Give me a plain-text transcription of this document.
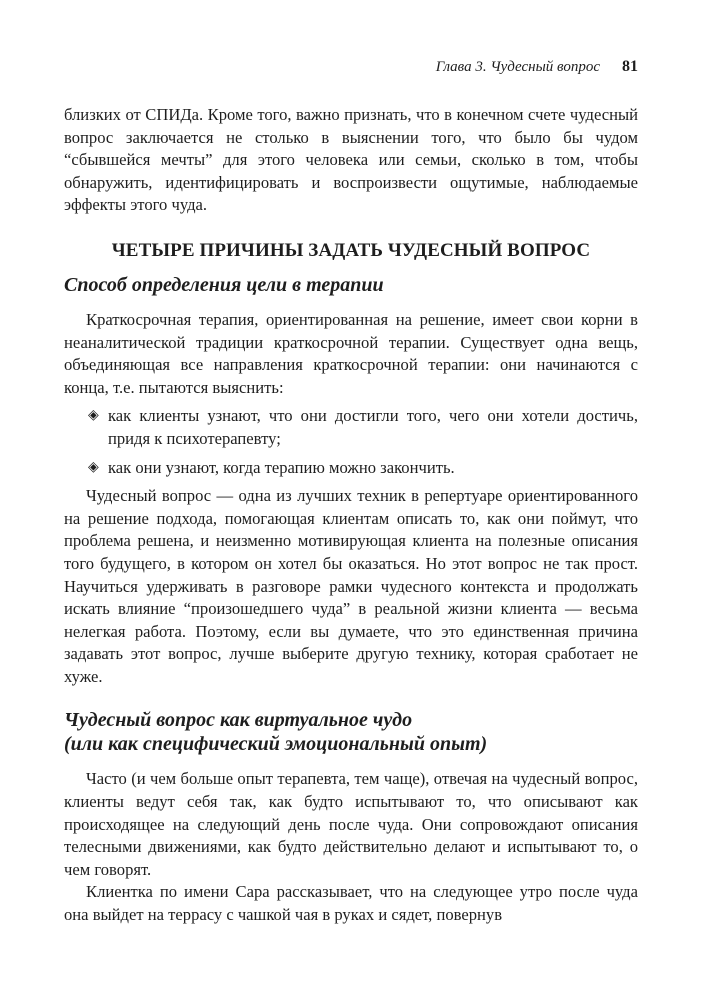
Глава 3. Чудесный вопрос 81

близких от СПИДа. Кроме того, важно признать, что в конечном счете чудесный вопрос заключается не столько в выяснении того, что было бы чудом “сбывшейся мечты” для этого человека или семьи, сколько в том, чтобы обнаружить, идентифицировать и воспроизвести ощутимые, наблюдаемые эффекты этого чуда.

ЧЕТЫРЕ ПРИЧИНЫ ЗАДАТЬ ЧУДЕСНЫЙ ВОПРОС
Способ определения цели в терапии

Краткосрочная терапия, ориентированная на решение, имеет свои корни в неаналитической традиции краткосрочной терапии. Существует одна вещь, объединяющая все направления краткосрочной терапии: они начинаются с конца, т.е. пытаются выяснить:

◈ как клиенты узнают, что они достигли того, чего они хотели достичь, придя к психотерапевту;
◈ как они узнают, когда терапию можно закончить.

Чудесный вопрос — одна из лучших техник в репертуаре ориентированного на решение подхода, помогающая клиентам описать то, как они поймут, что проблема решена, и неизменно мотивирующая клиента на полезные описания того будущего, в котором он хотел бы оказаться. Но этот вопрос не так прост. Научиться удерживать в разговоре рамки чудесного контекста и продолжать искать влияние “произошедшего чуда” в реальной жизни клиента — весьма нелегкая работа. Поэтому, если вы думаете, что это единственная причина задавать этот вопрос, лучше выберите другую технику, которая сработает не хуже.

Чудесный вопрос как виртуальное чудо
(или как специфический эмоциональный опыт)

Часто (и чем больше опыт терапевта, тем чаще), отвечая на чудесный вопрос, клиенты ведут себя так, как будто испытывают то, что описывают как происходящее на следующий день после чуда. Они сопровождают описания телесными движениями, как будто действительно делают и испытывают то, о чем говорят.

Клиентка по имени Сара рассказывает, что на следующее утро после чуда она выйдет на террасу с чашкой чая в руках и сядет, повернув
